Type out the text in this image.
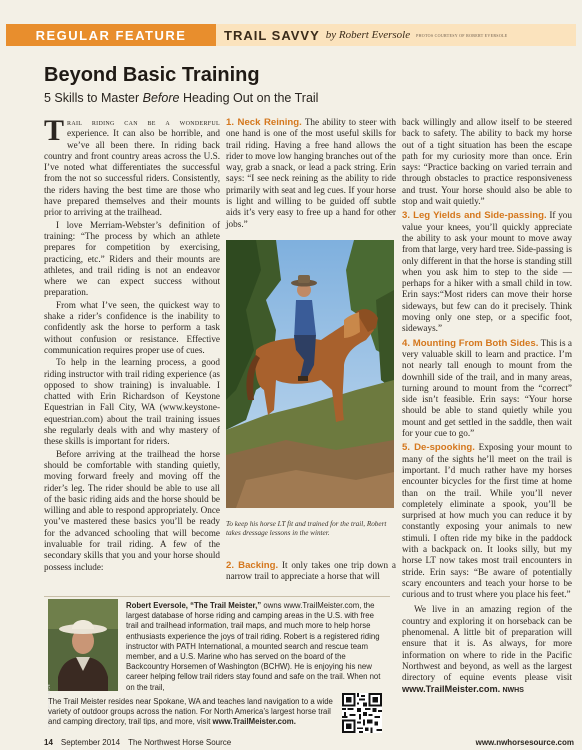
REGULAR FEATURE	TRAIL SAVVY by Robert Eversole PHOTOS COURTESY OF ROBERT EVERSOLE
Beyond Basic Training
5 Skills to Master Before Heading Out on the Trail

Trail riding can be a wonderful experience. It can also be horrible, and we’ve all been there. In riding back country and front country areas across the U.S. I’ve noted what differentiates the successful from the not so successful riders. Consistently, the riders having the best time are those who have prepared themselves and their mounts prior to arriving at the trailhead.

I love Merriam-Webster’s definition of training: “The process by which an athlete prepares for competition by exercising, practicing, etc.” Riders and their mounts are athletes, and trail riding is not an endeavor where we can expect success without preparation.

From what I’ve seen, the quickest way to shake a rider’s confidence is the inability to confidently ask the horse to perform a task without confusion or resistance. Effective communication requires proper use of cues.

To help in the learning process, a good riding instructor with trail riding experience (as opposed to show training) is invaluable. I chatted with Erin Richardson of Keystone Equestrian in Fall City, WA (www.keystone-equestrian.com) about the trail training issues she regularly deals with and why mastery of these skills is important for riders.

Before arriving at the trailhead the horse should be comfortable with standing quietly, moving forward freely and moving off the rider’s leg. The rider should be able to use all of the basic riding aids and the horse should be willing and able to respond appropriately. Once you’ve mastered these basics you’ll be ready for the advanced schooling that will become invaluable for trail riding. A few of the secondary skills that you and your horse should possess include:

1. Neck Reining. The ability to steer with one hand is one of the most useful skills for trail riding. Having a free hand allows the rider to move low hanging branches out of the way, grab a snack, or lead a pack string. Erin says: “I see neck reining as the ability to ride primarily with seat and leg cues. If your horse is light and willing to be guided off subtle aids it’s very easy to free up a hand for other jobs.”

To keep his horse LT fit and trained for the trail, Robert takes dressage lessons in the winter.

2. Backing. It only takes one trip down a narrow trail to appreciate a horse that will

back willingly and allow itself to be steered back to safety. The ability to back my horse out of a tight situation has been the escape path for my curiosity more than once. Erin says: “Practice backing on varied terrain and through obstacles to practice responsiveness and trust. Your horse should also be able to stop and wait quietly.”

3. Leg Yields and Side-passing. If you value your knees, you’ll quickly appreciate the ability to ask your mount to move away from that large, very hard tree. Side-passing is only different in that the horse is standing still when you ask him to step to the side — perhaps for a hiker with a small child in tow. Erin says:“Most riders can move their horse sideways, but few can do it precisely. Think moving only one step, or a specific foot, sideways.”

4. Mounting From Both Sides. This is a very valuable skill to learn and practice. I’m not nearly tall enough to mount from the downhill side of the trail, and in many areas, turning around to mount from the “correct” side isn’t feasible. Erin says: “Your horse should be able to stand quietly while you mount and get settled in the saddle, then wait for your cue to go.”

5. De-spooking. Exposing your mount to many of the sights he’ll meet on the trail is important. I’d much rather have my horses encounter bicycles for the first time at home than on the trail. While you’ll never completely eliminate a spook, you’ll be surprised at how much you can reduce it by constantly exposing your animals to new stimuli. I often ride my bike in the paddock with a backpack on. It looks silly, but my horse LT now takes most trail encounters in stride. Erin says: “Be aware of potentially scary encounters and teach your horse to be curious and to trust where you place his feet.”

We live in an amazing region of the country and exploring it on horseback can be phenomenal. A little bit of preparation will ensure that it is. As always, for more information on where to ride in the Pacific Northwest and beyond, as well as the largest directory of equine events please visit www.TrailMeister.com. NWHS

PHOTO BY ANGEL CREWE
Robert Eversole, “The Trail Meister,” owns www.TrailMeister.com, the largest database of horse riding and camping areas in the U.S. with free trail and trailhead information, trail maps, and much more to help horse enthusiasts experience the joys of trail riding. Robert is a registered riding instructor with PATH International, a mounted search and rescue team member, and a U.S. Marine who has served on the board of the Backcountry Horsemen of Washington (BCHW). He is enjoying his new career helping fellow trail riders stay found and safe on the trail. When not on the trail,
The Trail Meister resides near Spokane, WA and teaches land navigation to a wide variety of outdoor groups across the nation. For North America’s largest horse trail and camping directory, trail tips, and more, visit www.TrailMeister.com.
14 September 2014 The Northwest Horse Source	www.nwhorsesource.com
